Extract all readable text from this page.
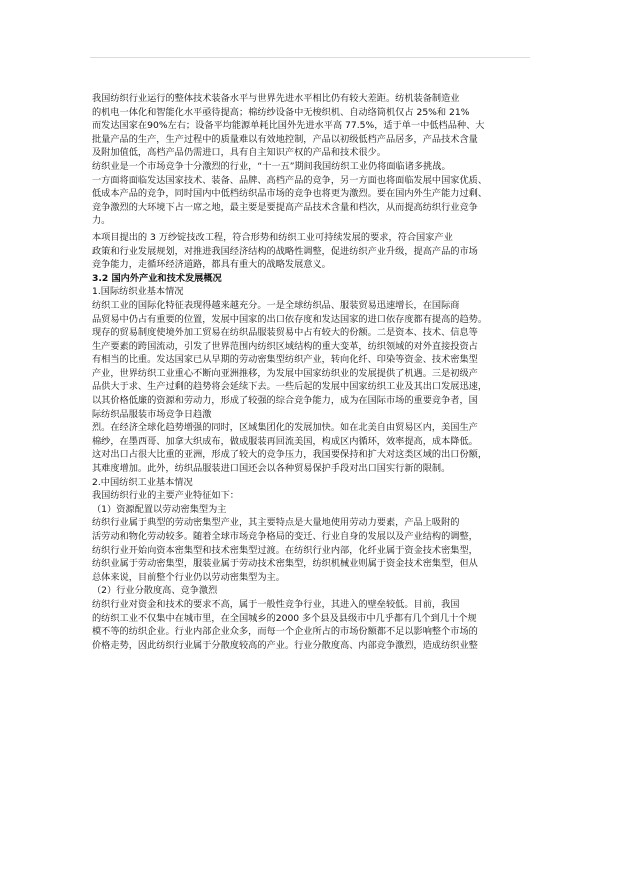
我国纺织行业运行的整体技术装备水平与世界先进水平相比仍有较大差距。纺机装备制造业
的机电一体化和智能化水平亟待提高；棉纺纱设备中无梭织机、自动络筒机仅占 25%和 21%
而发达国家在90%左右；设备平均能源单耗比国外先进水平高 77.5%，适于单一中低档品种、大
批量产品的生产，生产过程中的质量难以有效地控制，产品以初级低档产品居多，产品技术含量
及附加值低，高档产品仍需进口，具有自主知识产权的产品和技术很少。
纺织业是一个市场竞争十分激烈的行业，“十一五”期间我国纺织工业仍将面临诸多挑战。
一方面将面临发达国家技术、装备、品牌、高档产品的竞争，另一方面也将面临发展中国家优质、
低成本产品的竞争，同时国内中低档纺织品市场的竞争也将更为激烈。要在国内外生产能力过剩、
竞争激烈的大环境下占一席之地，最主要是要提高产品技术含量和档次，从而提高纺织行业竞争
力。
本项目提出的 3 万纱锭技改工程，符合形势和纺织工业可持续发展的要求，符合国家产业
政策和行业发展规划，对推进我国经济结构的战略性调整，促进纺织产业升级，提高产品的市场
竞争能力，走循环经济道路，都具有重大的战略发展意义。
3.2 国内外产业和技术发展概况
1.国际纺织业基本情况
纺织工业的国际化特征表现得越来越充分。一是全球纺织品、服装贸易迅速增长，在国际商
品贸易中仍占有重要的位置，发展中国家的出口依存度和发达国家的进口依存度都有提高的趋势。
现存的贸易制度使境外加工贸易在纺织品服装贸易中占有较大的份额。二是资本、技术、信息等
生产要素的跨国流动，引发了世界范围内纺织区域结构的重大变革，纺织领域的对外直接投资占
有相当的比重。发达国家已从早期的劳动密集型纺织产业，转向化纤、印染等资金、技术密集型
产业，世界纺织工业重心不断向亚洲推移，为发展中国家纺织业的发展提供了机遇。三是初级产
品供大于求、生产过剩的趋势将会延续下去。一些后起的发展中国家纺织工业及其出口发展迅速，
以其价格低廉的资源和劳动力，形成了较强的综合竞争能力，成为在国际市场的重要竞争者，国
际纺织品服装市场竞争日趋激
烈。在经济全球化趋势增强的同时，区域集团化的发展加快。如在北美自由贸易区内，美国生产
棉纱，在墨西哥、加拿大织成布，做成服装再回流美国，构成区内循环，效率提高，成本降低。
这对出口占很大比重的亚洲，形成了较大的竞争压力，我国要保持和扩大对这类区域的出口份额，
其难度增加。此外，纺织品服装进口国还会以各种贸易保护手段对出口国实行新的限制。
2.中国纺织工业基本情况
我国纺织行业的主要产业特征如下：
（1）资源配置以劳动密集型为主
纺织行业属于典型的劳动密集型产业，其主要特点是大量地使用劳动力要素，产品上吸附的
活劳动和物化劳动较多。随着全球市场竞争格局的变迁、行业自身的发展以及产业结构的调整，
纺织行业开始向资本密集型和技术密集型过渡。在纺织行业内部，化纤业属于资金技术密集型，
纺织业属于劳动密集型，服装业属于劳动技术密集型，纺织机械业则属于资金技术密集型，但从
总体来说，目前整个行业仍以劳动密集型为主。
（2）行业分散度高、竞争激烈
纺织行业对资金和技术的要求不高，属于一般性竞争行业，其进入的壁垒较低。目前，我国
的纺织工业不仅集中在城市里，在全国城乡的2000 多个县及县级市中几乎都有几个到几十个规
模不等的纺织企业。行业内部企业众多，而每一个企业所占的市场份额都不足以影响整个市场的
价格走势，因此纺织行业属于分散度较高的产业。行业分散度高、内部竞争激烈，造成纺织业整
